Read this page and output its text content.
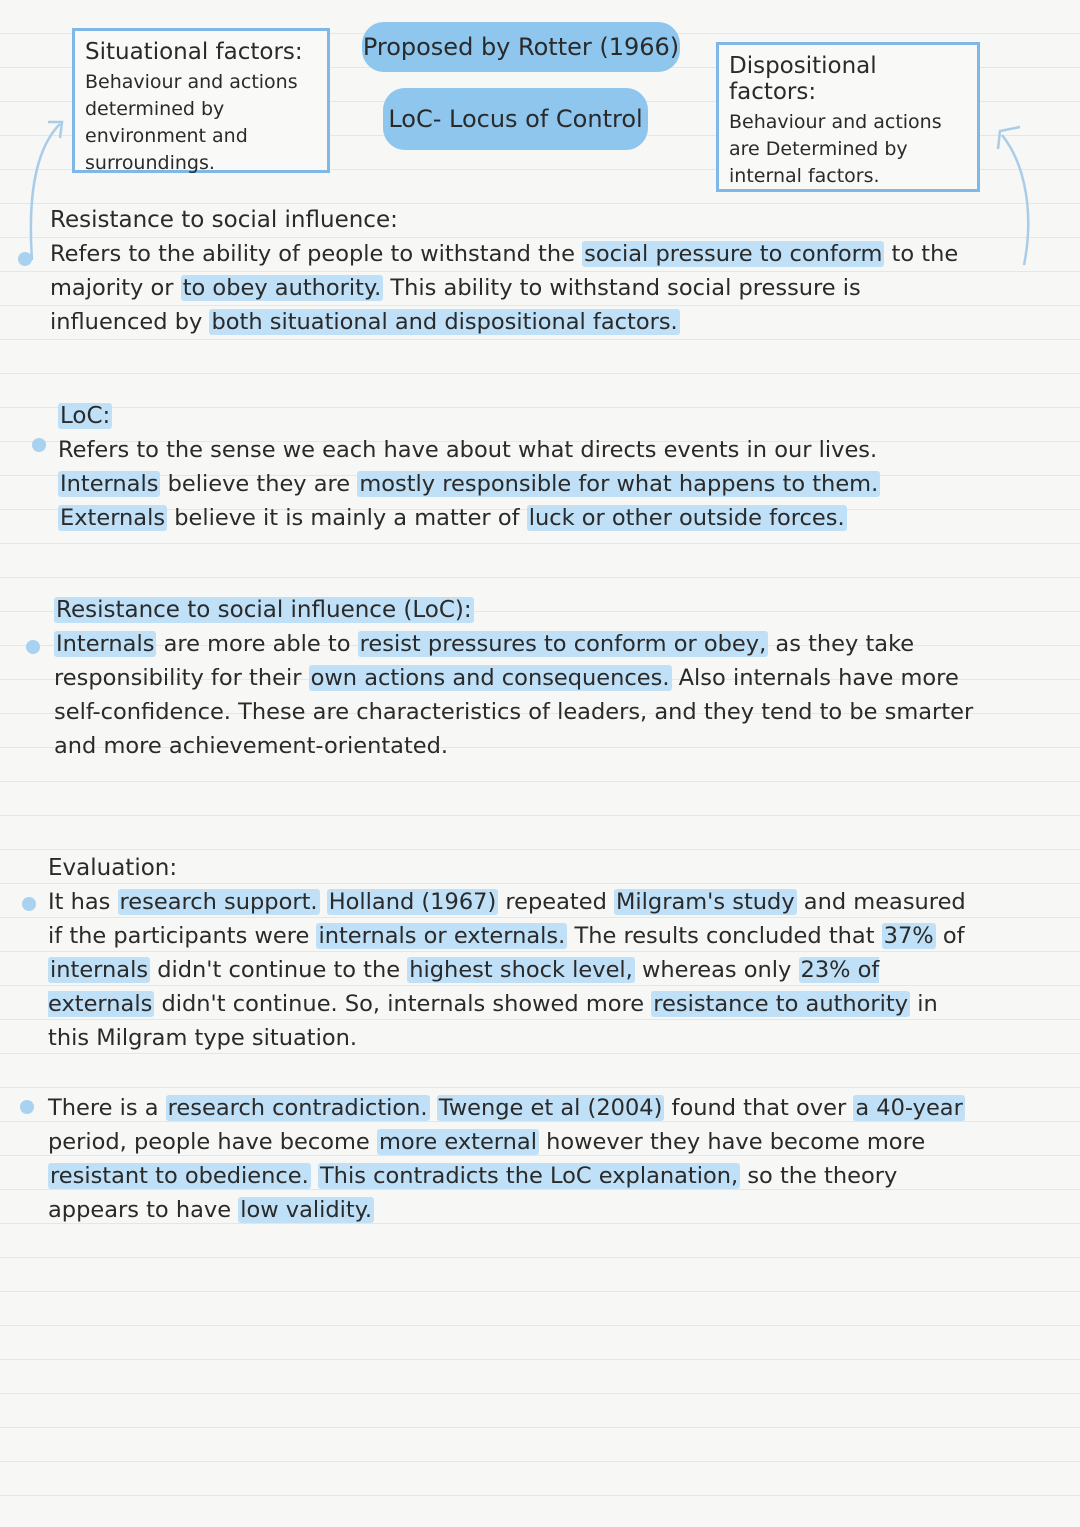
Situational factors:
Behaviour and actions determined by environment and surroundings.
Proposed by Rotter (1966)
LoC- Locus of Control
Dispositional factors:
Behaviour and actions are Determined by internal factors.
Resistance to social influence:
Refers to the ability of people to withstand the social pressure to conform to the majority or to obey authority. This ability to withstand social pressure is influenced by both situational and dispositional factors.
LoC:
Refers to the sense we each have about what directs events in our lives. Internals believe they are mostly responsible for what happens to them. Externals believe it is mainly a matter of luck or other outside forces.
Resistance to social influence (LoC):
Internals are more able to resist pressures to conform or obey, as they take responsibility for their own actions and consequences. Also internals have more self-confidence. These are characteristics of leaders, and they tend to be smarter and more achievement-orientated.
Evaluation:
It has research support. Holland (1967) repeated Milgram's study and measured if the participants were internals or externals. The results concluded that 37% of internals didn't continue to the highest shock level, whereas only 23% of externals didn't continue. So, internals showed more resistance to authority in this Milgram type situation.
There is a research contradiction. Twenge et al (2004) found that over a 40-year period, people have become more external however they have become more resistant to obedience. This contradicts the LoC explanation, so the theory appears to have low validity.
